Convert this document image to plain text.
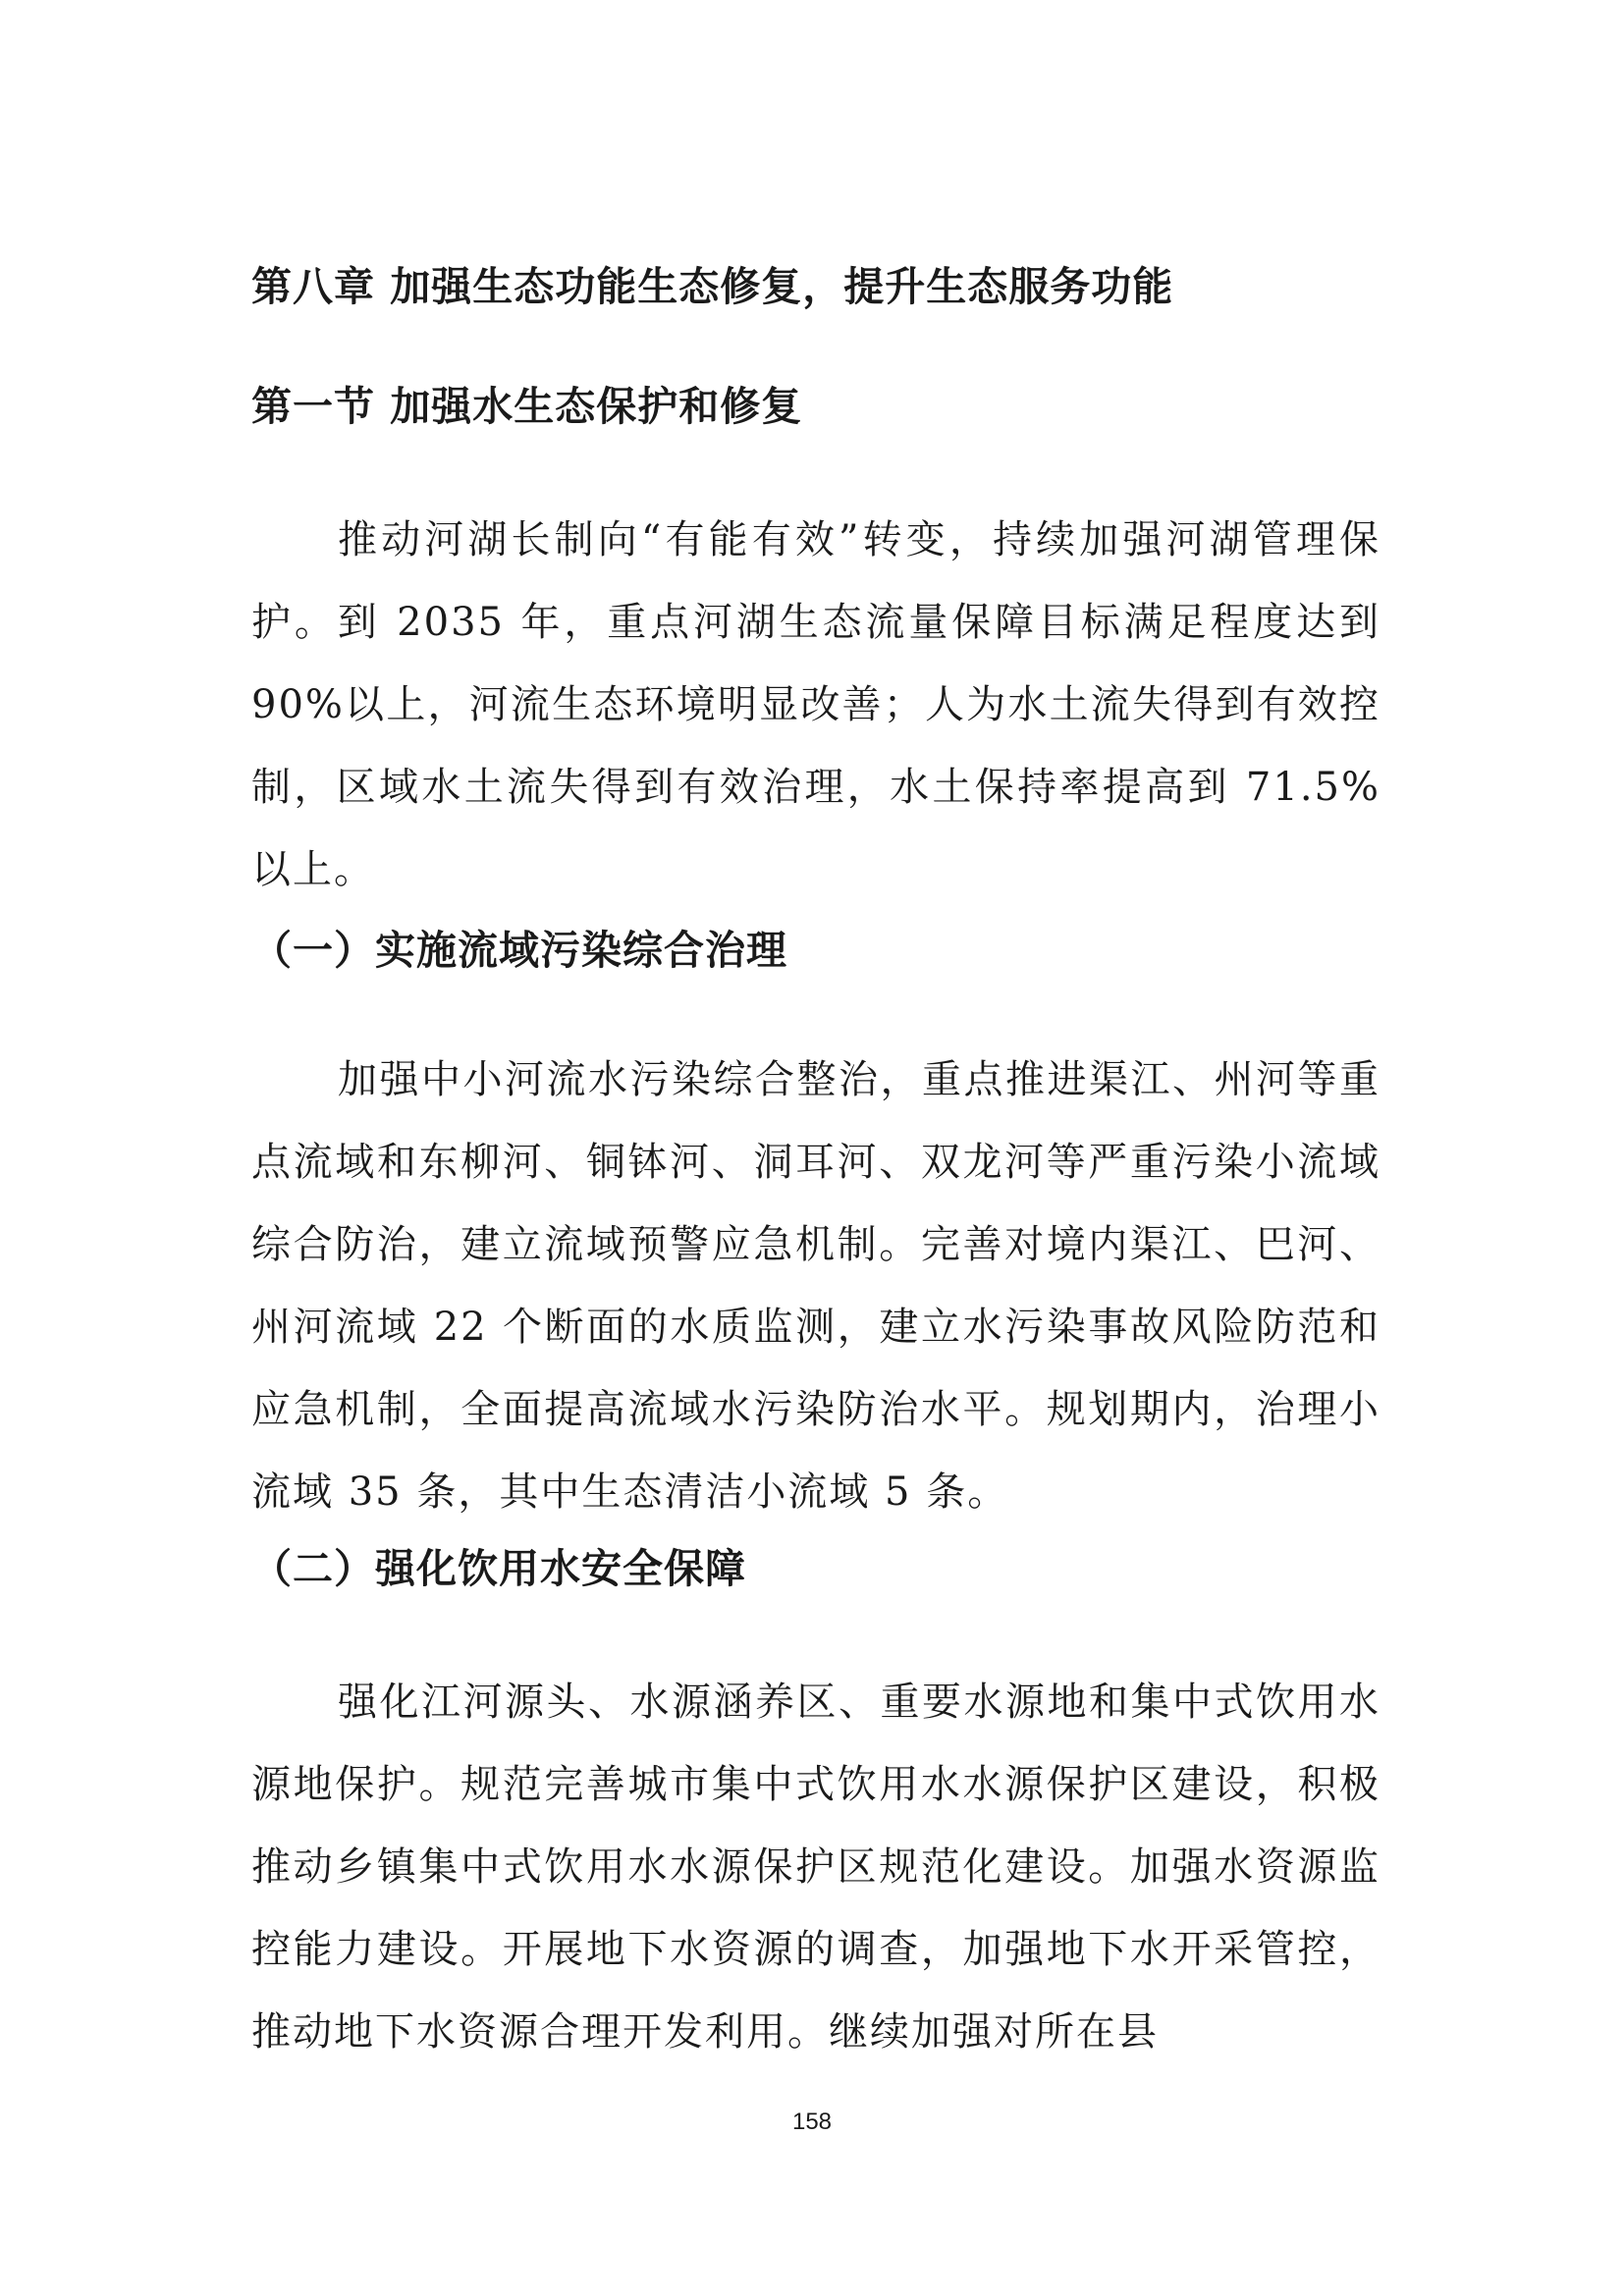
第八章 加强生态功能生态修复，提升生态服务功能
第一节 加强水生态保护和修复

推动河湖长制向“有能有效”转变，持续加强河湖管理保护。到 2035 年，重点河湖生态流量保障目标满足程度达到90%以上，河流生态环境明显改善；人为水土流失得到有效控制，区域水土流失得到有效治理，水土保持率提高到 71.5%以上。

（一）实施流域污染综合治理

加强中小河流水污染综合整治，重点推进渠江、州河等重点流域和东柳河、铜钵河、洞耳河、双龙河等严重污染小流域综合防治，建立流域预警应急机制。完善对境内渠江、巴河、州河流域 22 个断面的水质监测，建立水污染事故风险防范和应急机制，全面提高流域水污染防治水平。规划期内，治理小流域 35 条，其中生态清洁小流域 5 条。

（二）强化饮用水安全保障

强化江河源头、水源涵养区、重要水源地和集中式饮用水源地保护。规范完善城市集中式饮用水水源保护区建设，积极推动乡镇集中式饮用水水源保护区规范化建设。加强水资源监控能力建设。开展地下水资源的调查，加强地下水开采管控，推动地下水资源合理开发利用。继续加强对所在县

158
